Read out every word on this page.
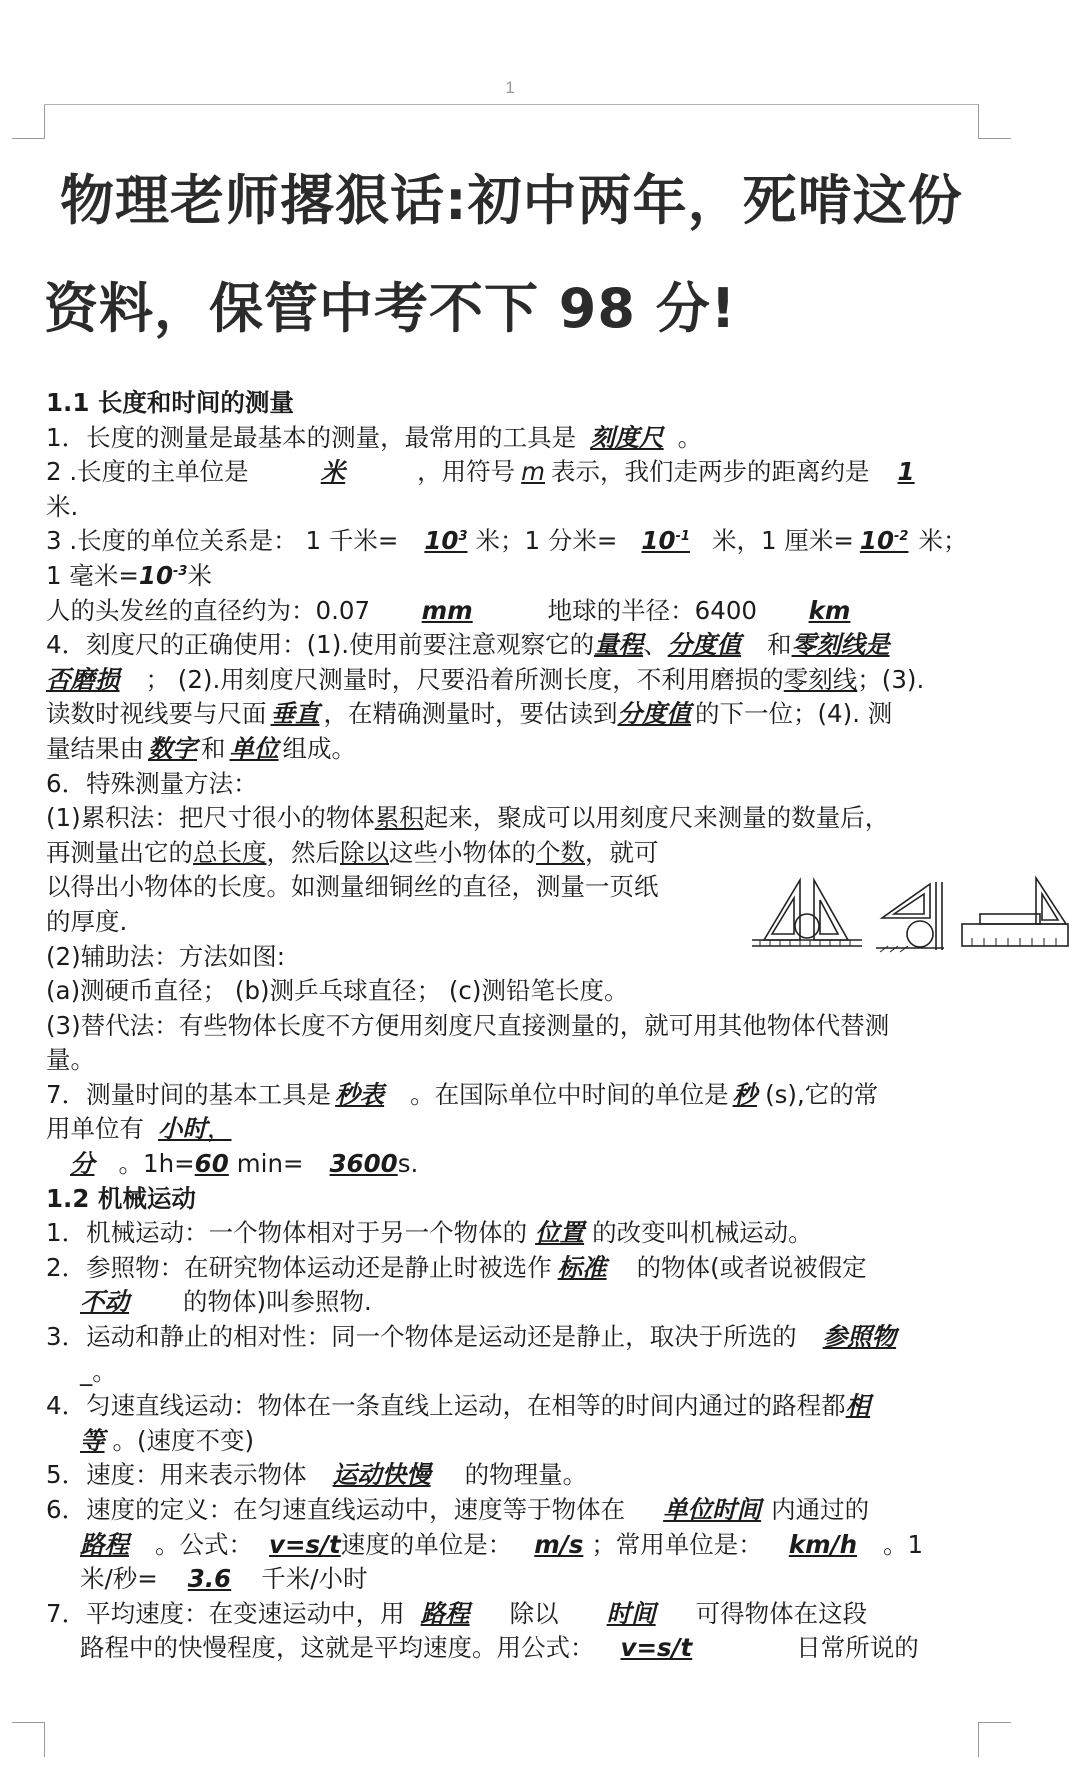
1
物理老师撂狠话:初中两年，死啃这份
资料，保管中考不下 98 分!

1.1 长度和时间的测量

1．长度的测量是最基本的测量，最常用的工具是 刻度尺 。

2 .长度的主单位是	米	，用符号 m 表示，我们走两步的距离约是 1

米.

3 .长度的单位关系是： 1 千米= $10^3$ 米；1 分米= $10^{-1}$ 米，1 厘米= $10^{-2}$ 米；

1 毫米$=10^{-3}$米

人的头发丝的直径约为：0.07 mm	地球的半径：6400 km

4．刻度尺的正确使用：(1).使用前要注意观察它的量程、分度值 和零刻线是

否磨损 ； (2).用刻度尺测量时，尺要沿着所测长度，不利用磨损的零刻线；(3).

读数时视线要与尺面 垂直 ，在精确测量时，要估读到分度值 的下一位；(4). 测

量结果由 数字 和 单位 组成。

6．特殊测量方法：

(1)累积法：把尺寸很小的物体累积起来，聚成可以用刻度尺来测量的数量后，

再测量出它的总长度，然后除以这些小物体的个数，就可

以得出小物体的长度。如测量细铜丝的直径，测量一页纸

的厚度.

(2)辅助法：方法如图:

(a)测硬币直径； (b)测乒乓球直径； (c)测铅笔长度。

(3)替代法：有些物体长度不方便用刻度尺直接测量的，就可用其他物体代替测

量。

7．测量时间的基本工具是 秒表 。在国际单位中时间的单位是 秒 (s),它的常

用单位有 小时，

分 。1h=60 min= 3600s.

1.2 机械运动

1．机械运动：一个物体相对于另一个物体的 位置 的改变叫机械运动。

2．参照物：在研究物体运动还是静止时被选作 标准 的物体(或者说被假定

不动 的物体)叫参照物.

3．运动和静止的相对性：同一个物体是运动还是静止，取决于所选的 参照物

_。

4．匀速直线运动：物体在一条直线上运动，在相等的时间内通过的路程都相

等 。(速度不变)

5．速度：用来表示物体 运动快慢 的物理量。

6．速度的定义：在匀速直线运动中，速度等于物体在 单位时间 内通过的

路程 。公式： v=s/t速度的单位是： m/s ；常用单位是： km/h 。1

米/秒= 3.6 千米/小时

7．平均速度：在变速运动中，用 路程 除以 时间 可得物体在这段

路程中的快慢程度，这就是平均速度。用公式： v=s/t	日常所说的
